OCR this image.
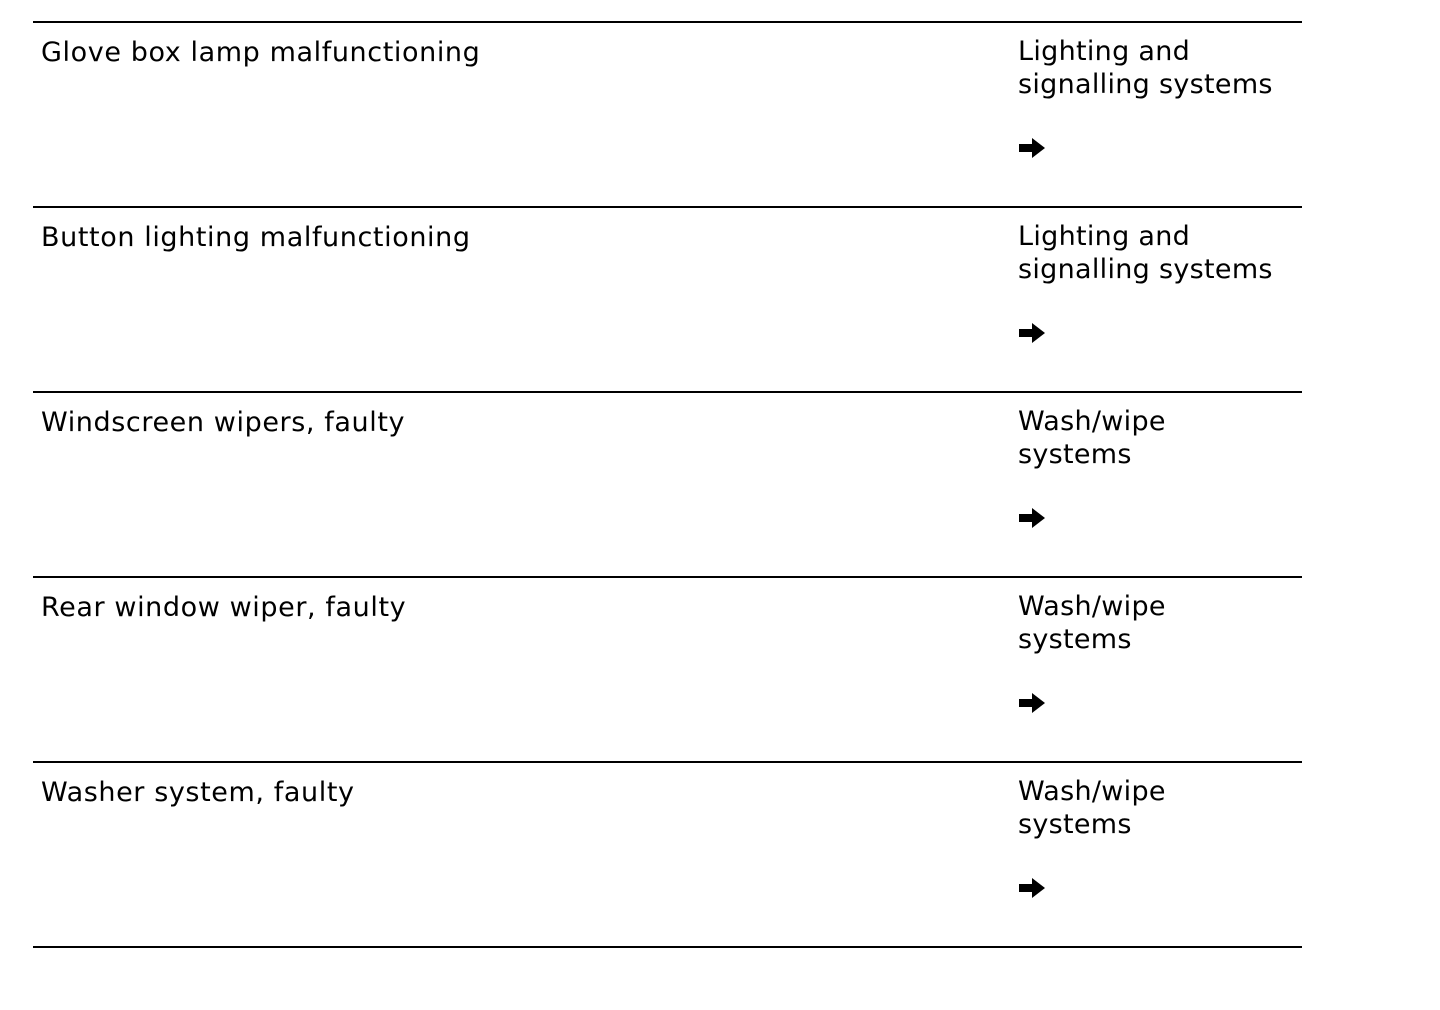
Glove box lamp malfunctioning	Lighting and
signalling systems
Button lighting malfunctioning	Lighting and
signalling systems
Windscreen wipers, faulty	Wash/wipe
systems
Rear window wiper, faulty	Wash/wipe
systems
Washer system, faulty	Wash/wipe
systems
